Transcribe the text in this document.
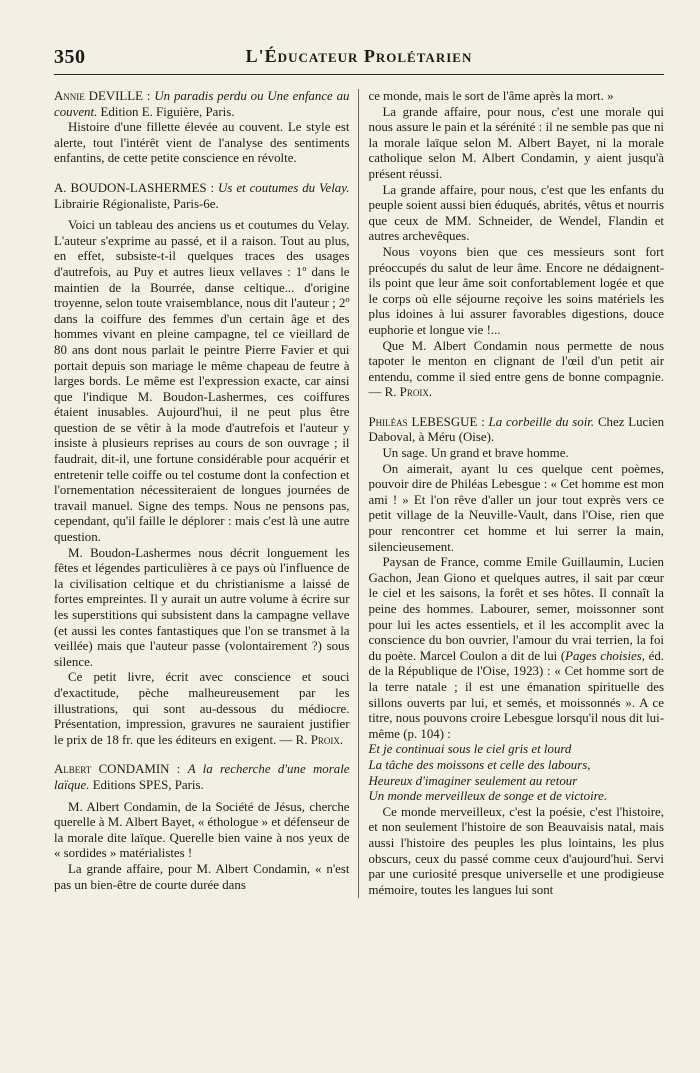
350	L'Éducateur Prolétarien

Annie DEVILLE : Un paradis perdu ou Une enfance au couvent. Edition E. Figuière, Paris.

Histoire d'une fillette élevée au couvent. Le style est alerte, tout l'intérêt vient de l'analyse des sentiments enfantins, de cette petite conscience en révolte.

A. BOUDON-LASHERMES : Us et coutumes du Velay. Librairie Régionaliste, Paris-6e.

Voici un tableau des anciens us et coutumes du Velay. L'auteur s'exprime au passé, et il a raison. Tout au plus, en effet, subsiste-t-il quelques traces des usages d'autrefois, au Puy et autres lieux vellaves : 1º dans le maintien de la Bourrée, danse celtique... d'origine troyenne, selon toute vraisemblance, nous dit l'auteur ; 2º dans la coiffure des femmes d'un certain âge et des hommes vivant en pleine campagne, tel ce vieillard de 80 ans dont nous parlait le peintre Pierre Favier et qui portait depuis son mariage le même chapeau de feutre à larges bords. Le même est l'expression exacte, car ainsi que l'indique M. Boudon-Lashermes, ces coiffures étaient inusables. Aujourd'hui, il ne peut plus être question de se vêtir à la mode d'autrefois et l'auteur y insiste à plusieurs reprises au cours de son ouvrage ; il faudrait, dit-il, une fortune considérable pour acquérir et entretenir telle coiffe ou tel costume dont la confection et l'ornementation nécessiteraient de longues journées de travail manuel. Signe des temps. Nous ne pensons pas, cependant, qu'il faille le déplorer : mais c'est là une autre question.

M. Boudon-Lashermes nous décrit longuement les fêtes et légendes particulières à ce pays où l'influence de la civilisation celtique et du christianisme a laissé de fortes empreintes. Il y aurait un autre volume à écrire sur les superstitions qui subsistent dans la campagne vellave (et aussi les contes fantastiques que l'on se transmet à la veillée) mais que l'auteur passe (volontairement ?) sous silence.

Ce petit livre, écrit avec conscience et souci d'exactitude, pèche malheureusement par les illustrations, qui sont au-dessous du médiocre. Présentation, impression, gravures ne sauraient justifier le prix de 18 fr. que les éditeurs en exigent. — R. Proix.

Albert CONDAMIN : A la recherche d'une morale laïque. Editions SPES, Paris.

M. Albert Condamin, de la Société de Jésus, cherche querelle à M. Albert Bayet, « éthologue » et défenseur de la morale dite laïque. Querelle bien vaine à nos yeux de « sordides » matérialistes !

La grande affaire, pour M. Albert Condamin, « n'est pas un bien-être de courte durée dans

ce monde, mais le sort de l'âme après la mort. »

La grande affaire, pour nous, c'est une morale qui nous assure le pain et la sérénité : il ne semble pas que ni la morale laïque selon M. Albert Bayet, ni la morale catholique selon M. Albert Condamin, y aient jusqu'à présent réussi.

La grande affaire, pour nous, c'est que les enfants du peuple soient aussi bien éduqués, abrités, vêtus et nourris que ceux de MM. Schneider, de Wendel, Flandin et autres archevêques.

Nous voyons bien que ces messieurs sont fort préoccupés du salut de leur âme. Encore ne dédaignent-ils point que leur âme soit confortablement logée et que le corps où elle séjourne reçoive les soins matériels les plus idoines à lui assurer favorables digestions, douce euphorie et longue vie !...

Que M. Albert Condamin nous permette de nous tapoter le menton en clignant de l'œil d'un petit air entendu, comme il sied entre gens de bonne compagnie. — R. Proix.

Philéas LEBESGUE : La corbeille du soir. Chez Lucien Daboval, à Méru (Oise).

Un sage. Un grand et brave homme.

On aimerait, ayant lu ces quelque cent poèmes, pouvoir dire de Philéas Lebesgue : « Cet homme est mon ami ! » Et l'on rêve d'aller un jour tout exprès vers ce petit village de la Neuville-Vault, dans l'Oise, rien que pour rencontrer cet homme et lui serrer la main, silencieusement.

Paysan de France, comme Emile Guillaumin, Lucien Gachon, Jean Giono et quelques autres, il sait par cœur le ciel et les saisons, la forêt et ses hôtes. Il connaît la peine des hommes. Labourer, semer, moissonner sont pour lui les actes essentiels, et il les accomplit avec la conscience du bon ouvrier, l'amour du vrai terrien, la foi du poète. Marcel Coulon a dit de lui (Pages choisies, éd. de la République de l'Oise, 1923) : « Cet homme sort de la terre natale ; il est une émanation spirituelle des sillons ouverts par lui, et semés, et moissonnés ». A ce titre, nous pouvons croire Lebesgue lorsqu'il nous dit lui-même (p. 104) :

Et je continuai sous le ciel gris et lourd

La tâche des moissons et celle des labours,

Heureux d'imaginer seulement au retour

Un monde merveilleux de songe et de victoire.

Ce monde merveilleux, c'est la poésie, c'est l'histoire, et non seulement l'histoire de son Beauvaisis natal, mais aussi l'histoire des peuples les plus lointains, les plus obscurs, ceux du passé comme ceux d'aujourd'hui. Servi par une curiosité presque universelle et une prodigieuse mémoire, toutes les langues lui sont
